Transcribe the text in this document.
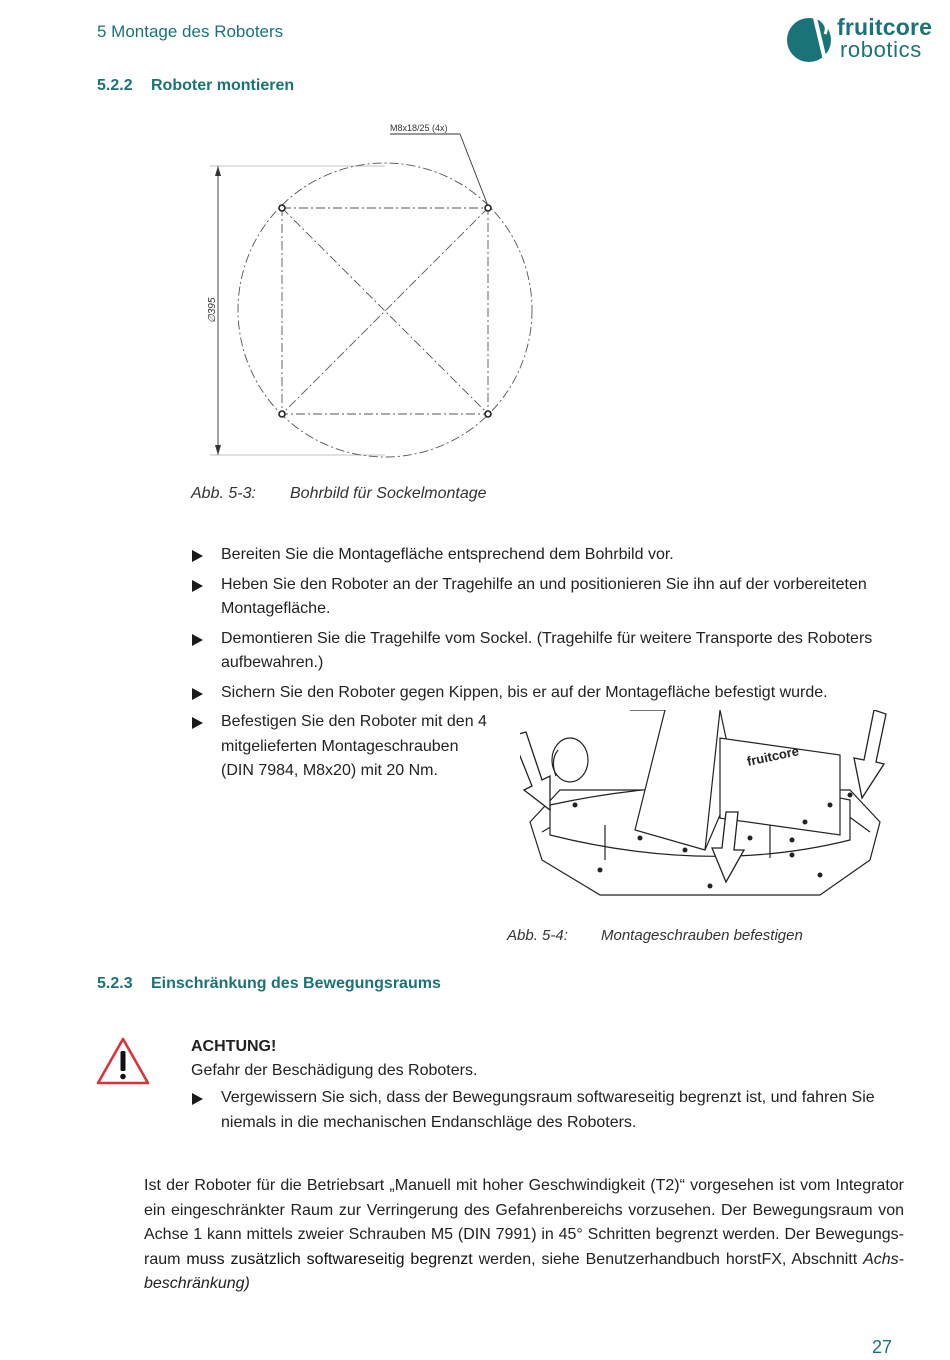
5 Montage des Roboters	fruitcore
robotics
5.2.2 Roboter montieren
M8x18/25 (4x)
∅395
Abb. 5-3: Bohrbild für Sockelmontage
Bereiten Sie die Montagefläche entsprechend dem Bohrbild vor.
Heben Sie den Roboter an der Tragehilfe an und positionieren Sie ihn auf der vorbereiteten Montagefläche.
Demontieren Sie die Tragehilfe vom Sockel. (Tragehilfe für weitere Transporte des Roboters aufbewahren.)
Sichern Sie den Roboter gegen Kippen, bis er auf der Montagefläche befestigt wurde.
Befestigen Sie den Roboter mit den 4 mitgelieferten Montageschrauben (DIN 7984, M8x20) mit 20 Nm.
fruitcore
Abb. 5-4: Montageschrauben befestigen
5.2.3 Einschränkung des Bewegungsraums
ACHTUNG!
Gefahr der Beschädigung des Roboters.
Vergewissern Sie sich, dass der Bewegungsraum softwareseitig begrenzt ist, und fahren Sie niemals in die mechanischen Endanschläge des Roboters.
Ist der Roboter für die Betriebsart „Manuell mit hoher Geschwindigkeit (T2)“ vorgesehen ist vom Integrator ein eingeschränkter Raum zur Verringerung des Gefahrenbereichs vorzusehen. Der Bewegungsraum von Achse 1 kann mittels zweier Schrauben M5 (DIN 7991) in 45° Schritten begrenzt werden. Der Bewegungs-raum muss zusätzlich softwareseitig begrenzt werden, siehe Benutzerhandbuch horstFX, Abschnitt Achs-beschränkung)
27
